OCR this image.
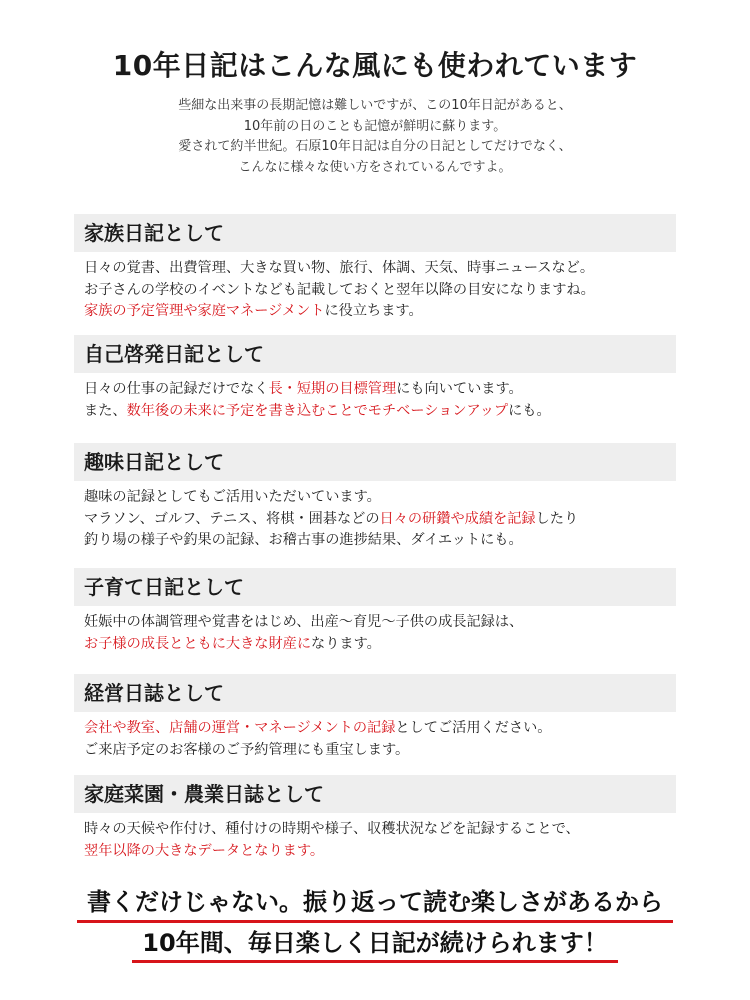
10年日記はこんな風にも使われています
些細な出来事の長期記憶は難しいですが、この10年日記があると、
10年前の日のことも記憶が鮮明に蘇ります。
愛されて約半世紀。石原10年日記は自分の日記としてだけでなく、
こんなに様々な使い方をされているんですよ。
家族日記として
日々の覚書、出費管理、大きな買い物、旅行、体調、天気、時事ニュースなど。
お子さんの学校のイベントなども記載しておくと翌年以降の目安になりますね。
家族の予定管理や家庭マネージメントに役立ちます。
自己啓発日記として
日々の仕事の記録だけでなく長・短期の目標管理にも向いています。
また、数年後の未来に予定を書き込むことでモチベーションアップにも。
趣味日記として
趣味の記録としてもご活用いただいています。
マラソン、ゴルフ、テニス、将棋・囲碁などの日々の研鑽や成績を記録したり
釣り場の様子や釣果の記録、お稽古事の進捗結果、ダイエットにも。
子育て日記として
妊娠中の体調管理や覚書をはじめ、出産～育児～子供の成長記録は、
お子様の成長とともに大きな財産になります。
経営日誌として
会社や教室、店舗の運営・マネージメントの記録としてご活用ください。
ご来店予定のお客様のご予約管理にも重宝します。
家庭菜園・農業日誌として
時々の天候や作付け、種付けの時期や様子、収穫状況などを記録することで、
翌年以降の大きなデータとなります。
書くだけじゃない。振り返って読む楽しさがあるから
10年間、毎日楽しく日記が続けられます！
